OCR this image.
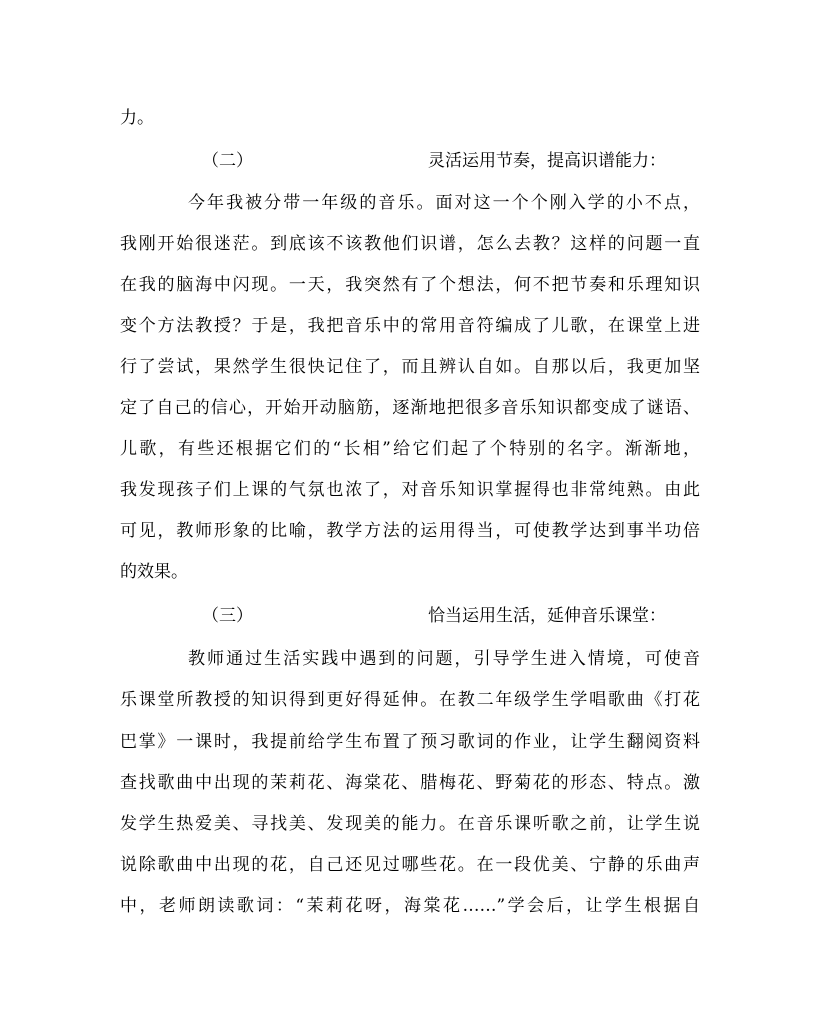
力。
（二）	灵活运用节奏，提高识谱能力：
今年我被分带一年级的音乐。面对这一个个刚入学的小不点，
我刚开始很迷茫。到底该不该教他们识谱，怎么去教？这样的问题一直
在我的脑海中闪现。一天，我突然有了个想法，何不把节奏和乐理知识
变个方法教授？于是，我把音乐中的常用音符编成了儿歌，在课堂上进
行了尝试，果然学生很快记住了，而且辨认自如。自那以后，我更加坚
定了自己的信心，开始开动脑筋，逐渐地把很多音乐知识都变成了谜语、
儿歌，有些还根据它们的“长相”给它们起了个特别的名字。渐渐地，
我发现孩子们上课的气氛也浓了，对音乐知识掌握得也非常纯熟。由此
可见，教师形象的比喻，教学方法的运用得当，可使教学达到事半功倍
的效果。
（三）	恰当运用生活，延伸音乐课堂：
教师通过生活实践中遇到的问题，引导学生进入情境，可使音
乐课堂所教授的知识得到更好得延伸。在教二年级学生学唱歌曲《打花
巴掌》一课时，我提前给学生布置了预习歌词的作业，让学生翻阅资料
查找歌曲中出现的茉莉花、海棠花、腊梅花、野菊花的形态、特点。激
发学生热爱美、寻找美、发现美的能力。在音乐课听歌之前，让学生说
说除歌曲中出现的花，自己还见过哪些花。在一段优美、宁静的乐曲声
中，老师朗读歌词：“茉莉花呀，海棠花……”学会后，让学生根据自
